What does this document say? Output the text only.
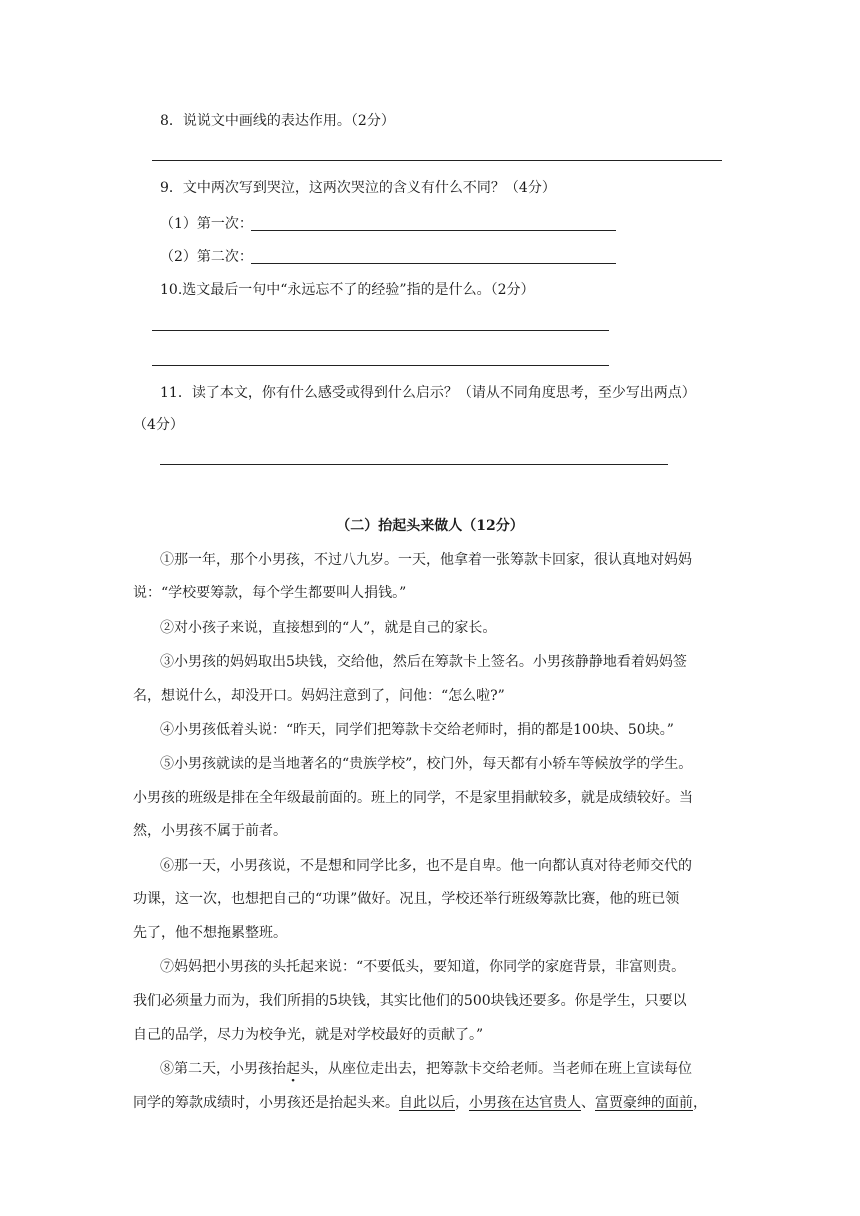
8．说说文中画线的表达作用。（2分）
9．文中两次写到哭泣，这两次哭泣的含义有什么不同？（4分）
（1）第一次：
（2）第二次：
10.选文最后一句中“永远忘不了的经验”指的是什么。（2分）
11．读了本文，你有什么感受或得到什么启示？（请从不同角度思考，至少写出两点）
（4分）
（二）抬起头来做人（12分）
①那一年，那个小男孩，不过八九岁。一天，他拿着一张筹款卡回家，很认真地对妈妈
说：“学校要筹款，每个学生都要叫人捐钱。”
②对小孩子来说，直接想到的“人”，就是自己的家长。
③小男孩的妈妈取出5块钱，交给他，然后在筹款卡上签名。小男孩静静地看着妈妈签
名，想说什么，却没开口。妈妈注意到了，问他：“怎么啦?”
④小男孩低着头说：“昨天，同学们把筹款卡交给老师时，捐的都是100块、50块。”
⑤小男孩就读的是当地著名的“贵族学校”，校门外，每天都有小轿车等候放学的学生。
小男孩的班级是排在全年级最前面的。班上的同学，不是家里捐献较多，就是成绩较好。当
然，小男孩不属于前者。
⑥那一天，小男孩说，不是想和同学比多，也不是自卑。他一向都认真对待老师交代的
功课，这一次，也想把自己的“功课”做好。况且，学校还举行班级筹款比赛，他的班已领
先了，他不想拖累整班。
⑦妈妈把小男孩的头托起来说：“不要低头，要知道，你同学的家庭背景，非富则贵。
我们必须量力而为，我们所捐的5块钱，其实比他们的500块钱还要多。你是学生，只要以
自己的品学，尽力为校争光，就是对学校最好的贡献了。”
⑧第二天，小男孩抬起头，从座位走出去，把筹款卡交给老师。当老师在班上宣读每位
同学的筹款成绩时，小男孩还是抬起头来。自此以后，小男孩在达官贵人、富贾豪绅的面前，
